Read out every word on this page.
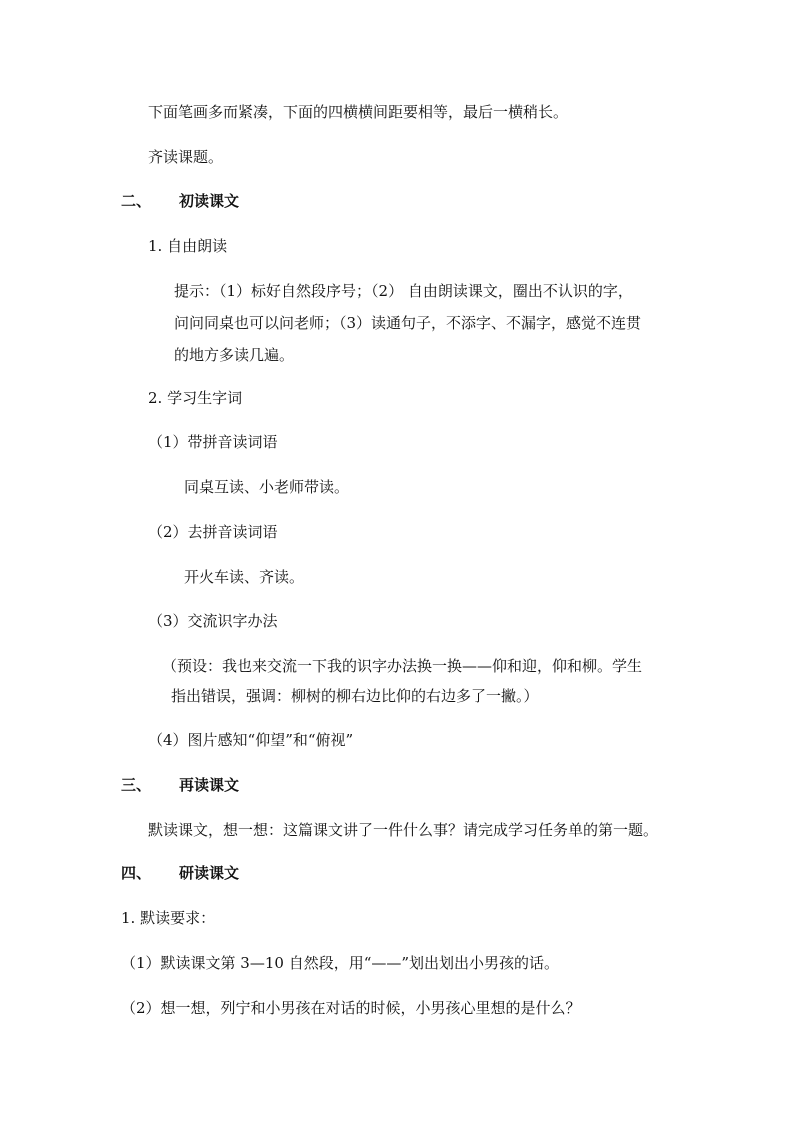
下面笔画多而紧凑，下面的四横横间距要相等，最后一横稍长。
齐读课题。
二、 初读课文
1. 自由朗读
提示：（1）标好自然段序号；（2） 自由朗读课文，圈出不认识的字，
问问同桌也可以问老师；（3）读通句子，不添字、不漏字，感觉不连贯
的地方多读几遍。
2. 学习生字词
（1）带拼音读词语
同桌互读、小老师带读。
（2）去拼音读词语
开火车读、齐读。
（3）交流识字办法
（预设：我也来交流一下我的识字办法换一换——仰和迎，仰和柳。学生
指出错误，强调：柳树的柳右边比仰的右边多了一撇。）
（4）图片感知“仰望”和“俯视”
三、 再读课文
默读课文，想一想：这篇课文讲了一件什么事？请完成学习任务单的第一题。
四、 研读课文
1. 默读要求：
（1）默读课文第 3—10 自然段，用“——”划出划出小男孩的话。
（2）想一想，列宁和小男孩在对话的时候，小男孩心里想的是什么？
